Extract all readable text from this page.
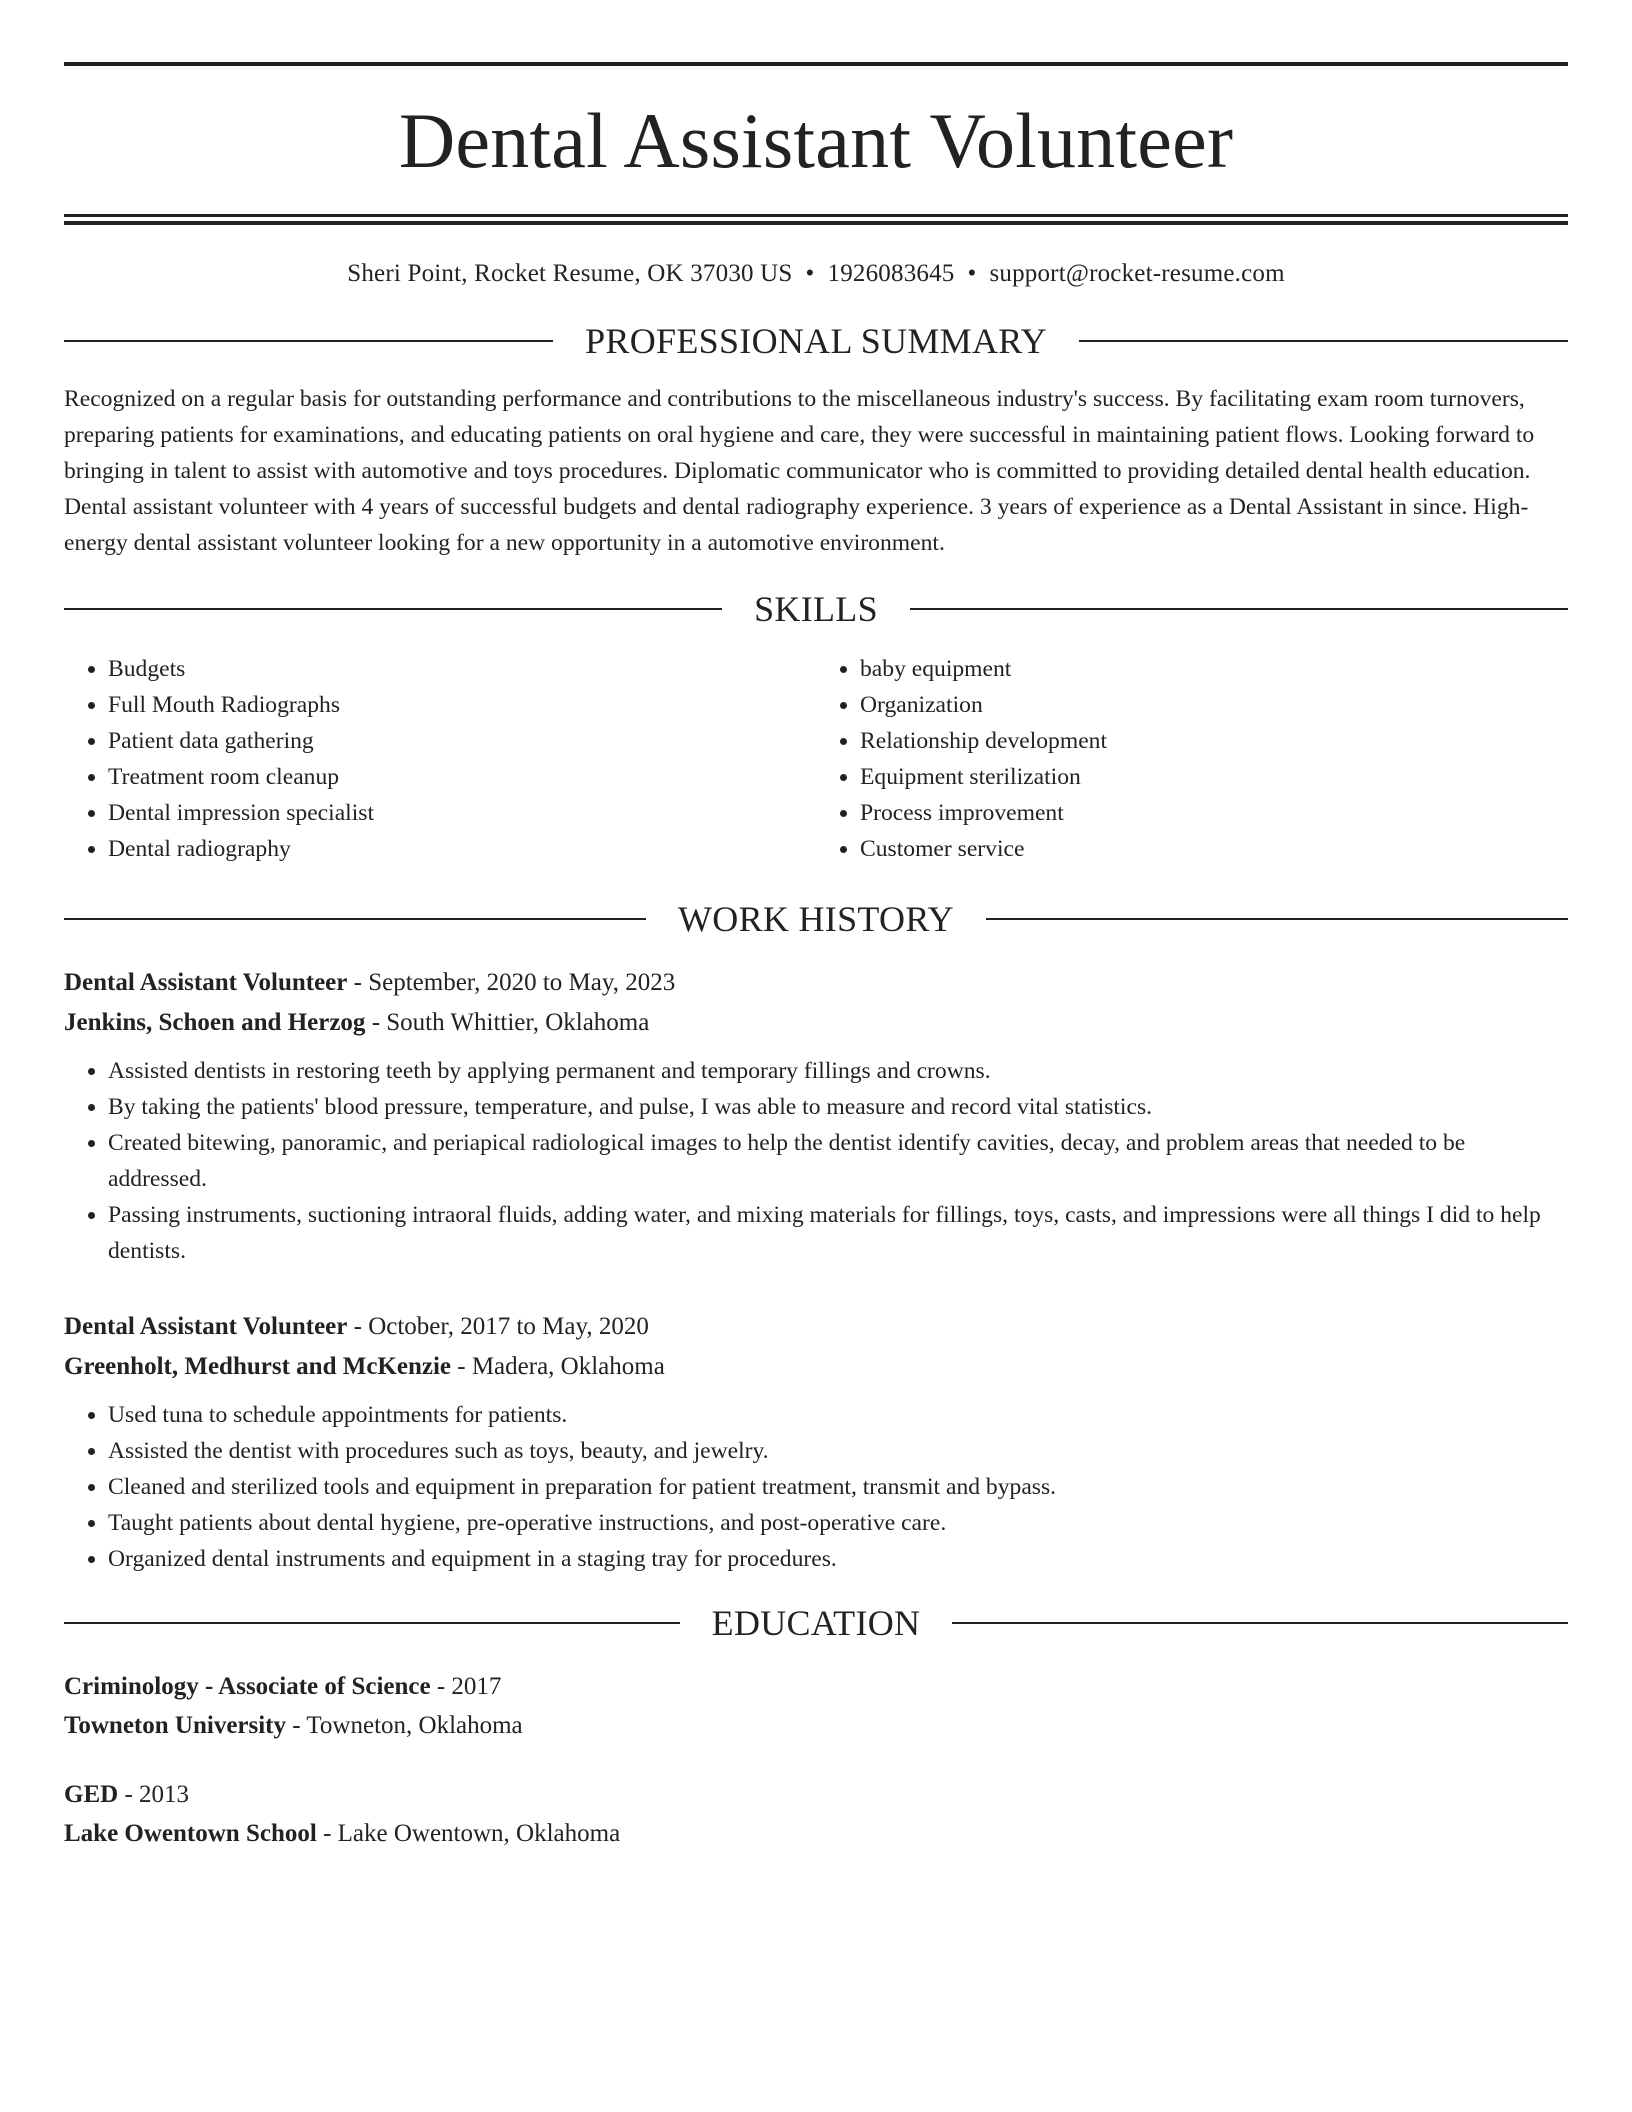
Dental Assistant Volunteer
Sheri Point, Rocket Resume, OK 37030 US • 1926083645 • support@rocket-resume.com
PROFESSIONAL SUMMARY

Recognized on a regular basis for outstanding performance and contributions to the miscellaneous industry's success. By facilitating exam room turnovers, preparing patients for examinations, and educating patients on oral hygiene and care, they were successful in maintaining patient flows. Looking forward to bringing in talent to assist with automotive and toys procedures. Diplomatic communicator who is committed to providing detailed dental health education. Dental assistant volunteer with 4 years of successful budgets and dental radiography experience. 3 years of experience as a Dental Assistant in since. High-energy dental assistant volunteer looking for a new opportunity in a automotive environment.

SKILLS
• Budgets
• Full Mouth Radiographs
• Patient data gathering
• Treatment room cleanup
• Dental impression specialist
• Dental radiography
• baby equipment
• Organization
• Relationship development
• Equipment sterilization
• Process improvement
• Customer service
WORK HISTORY
Dental Assistant Volunteer - September, 2020 to May, 2023
Jenkins, Schoen and Herzog - South Whittier, Oklahoma
• Assisted dentists in restoring teeth by applying permanent and temporary fillings and crowns.
• By taking the patients' blood pressure, temperature, and pulse, I was able to measure and record vital statistics.
• Created bitewing, panoramic, and periapical radiological images to help the dentist identify cavities, decay, and problem areas that needed to be addressed.
• Passing instruments, suctioning intraoral fluids, adding water, and mixing materials for fillings, toys, casts, and impressions were all things I did to help dentists.
Dental Assistant Volunteer - October, 2017 to May, 2020
Greenholt, Medhurst and McKenzie - Madera, Oklahoma
• Used tuna to schedule appointments for patients.
• Assisted the dentist with procedures such as toys, beauty, and jewelry.
• Cleaned and sterilized tools and equipment in preparation for patient treatment, transmit and bypass.
• Taught patients about dental hygiene, pre-operative instructions, and post-operative care.
• Organized dental instruments and equipment in a staging tray for procedures.
EDUCATION
Criminology - Associate of Science - 2017
Towneton University - Towneton, Oklahoma
GED - 2013
Lake Owentown School - Lake Owentown, Oklahoma
